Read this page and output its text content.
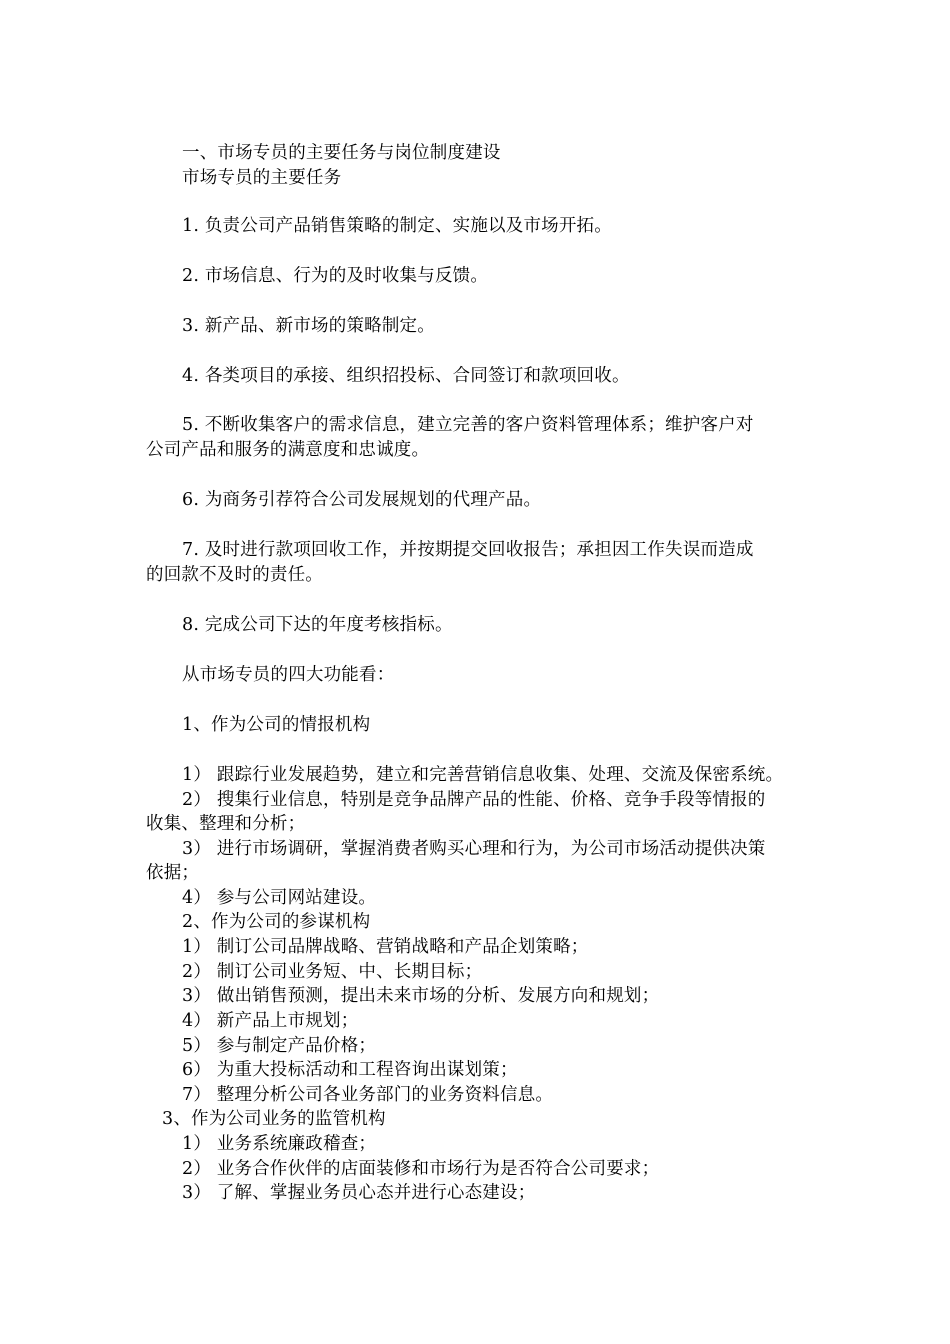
一、市场专员的主要任务与岗位制度建设
市场专员的主要任务
1. 负责公司产品销售策略的制定、实施以及市场开拓。
2. 市场信息、行为的及时收集与反馈。
3. 新产品、新市场的策略制定。
4. 各类项目的承接、组织招投标、合同签订和款项回收。
5. 不断收集客户的需求信息，建立完善的客户资料管理体系；维护客户对
公司产品和服务的满意度和忠诚度。
6. 为商务引荐符合公司发展规划的代理产品。
7. 及时进行款项回收工作，并按期提交回收报告；承担因工作失误而造成
的回款不及时的责任。
8. 完成公司下达的年度考核指标。
从市场专员的四大功能看：
1、作为公司的情报机构
1） 跟踪行业发展趋势，建立和完善营销信息收集、处理、交流及保密系统。
2） 搜集行业信息，特别是竞争品牌产品的性能、价格、竞争手段等情报的
收集、整理和分析；
3） 进行市场调研，掌握消费者购买心理和行为，为公司市场活动提供决策
依据；
4） 参与公司网站建设。
2、作为公司的参谋机构
1） 制订公司品牌战略、营销战略和产品企划策略；
2） 制订公司业务短、中、长期目标；
3） 做出销售预测，提出未来市场的分析、发展方向和规划；
4） 新产品上市规划；
5） 参与制定产品价格；
6） 为重大投标活动和工程咨询出谋划策；
7） 整理分析公司各业务部门的业务资料信息。
3、作为公司业务的监管机构
1） 业务系统廉政稽查；
2） 业务合作伙伴的店面装修和市场行为是否符合公司要求；
3） 了解、掌握业务员心态并进行心态建设；
